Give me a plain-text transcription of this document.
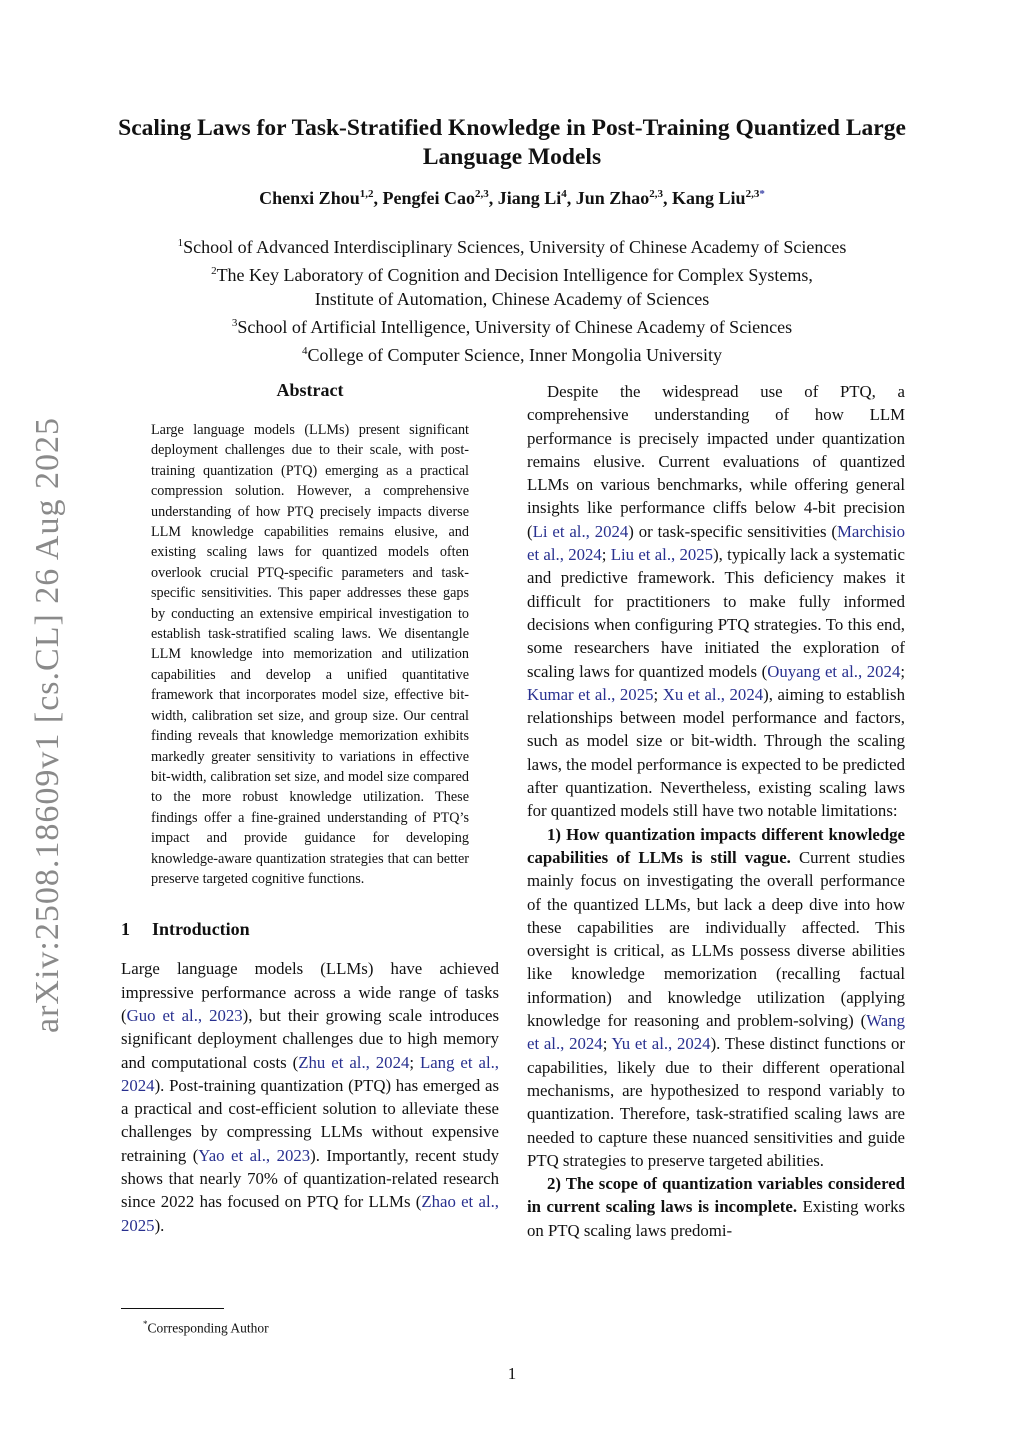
arXiv:2508.18609v1 [cs.CL] 26 Aug 2025
Scaling Laws for Task-Stratified Knowledge in Post-Training Quantized Large Language Models
Chenxi Zhou$^{1,2}$, Pengfei Cao$^{2,3}$, Jiang Li$^4$, Jun Zhao$^{2,3}$, Kang Liu$^{2,3*}$
$^1$School of Advanced Interdisciplinary Sciences, University of Chinese Academy of Sciences
$^2$The Key Laboratory of Cognition and Decision Intelligence for Complex Systems,
Institute of Automation, Chinese Academy of Sciences
$^3$School of Artificial Intelligence, University of Chinese Academy of Sciences
$^4$College of Computer Science, Inner Mongolia University
Abstract

Large language models (LLMs) present significant deployment challenges due to their scale, with post-training quantization (PTQ) emerging as a practical compression solution. However, a comprehensive understanding of how PTQ precisely impacts diverse LLM knowledge capabilities remains elusive, and existing scaling laws for quantized models often overlook crucial PTQ-specific parameters and task-specific sensitivities. This paper addresses these gaps by conducting an extensive empirical investigation to establish task-stratified scaling laws. We disentangle LLM knowledge into memorization and utilization capabilities and develop a unified quantitative framework that incorporates model size, effective bit-width, calibration set size, and group size. Our central finding reveals that knowledge memorization exhibits markedly greater sensitivity to variations in effective bit-width, calibration set size, and model size compared to the more robust knowledge utilization. These findings offer a fine-grained understanding of PTQ’s impact and provide guidance for developing knowledge-aware quantization strategies that can better preserve targeted cognitive functions.

1 Introduction

Large language models (LLMs) have achieved impressive performance across a wide range of tasks (Guo et al., 2023), but their growing scale introduces significant deployment challenges due to high memory and computational costs (Zhu et al., 2024; Lang et al., 2024). Post-training quantization (PTQ) has emerged as a practical and cost-efficient solution to alleviate these challenges by compressing LLMs without expensive retraining (Yao et al., 2023). Importantly, recent study shows that nearly 70% of quantization-related research since 2022 has focused on PTQ for LLMs (Zhao et al., 2025).

Despite the widespread use of PTQ, a comprehensive understanding of how LLM performance is precisely impacted under quantization remains elusive. Current evaluations of quantized LLMs on various benchmarks, while offering general insights like performance cliffs below 4-bit precision (Li et al., 2024) or task-specific sensitivities (Marchisio et al., 2024; Liu et al., 2025), typically lack a systematic and predictive framework. This deficiency makes it difficult for practitioners to make fully informed decisions when configuring PTQ strategies. To this end, some researchers have initiated the exploration of scaling laws for quantized models (Ouyang et al., 2024; Kumar et al., 2025; Xu et al., 2024), aiming to establish relationships between model performance and factors, such as model size or bit-width. Through the scaling laws, the model performance is expected to be predicted after quantization. Nevertheless, existing scaling laws for quantized models still have two notable limitations:

1) How quantization impacts different knowledge capabilities of LLMs is still vague. Current studies mainly focus on investigating the overall performance of the quantized LLMs, but lack a deep dive into how these capabilities are individually affected. This oversight is critical, as LLMs possess diverse abilities like knowledge memorization (recalling factual information) and knowledge utilization (applying knowledge for reasoning and problem-solving) (Wang et al., 2024; Yu et al., 2024). These distinct functions or capabilities, likely due to their different operational mechanisms, are hypothesized to respond variably to quantization. Therefore, task-stratified scaling laws are needed to capture these nuanced sensitivities and guide PTQ strategies to preserve targeted abilities.

2) The scope of quantization variables considered in current scaling laws is incomplete. Existing works on PTQ scaling laws predomi-

*Corresponding Author
1
